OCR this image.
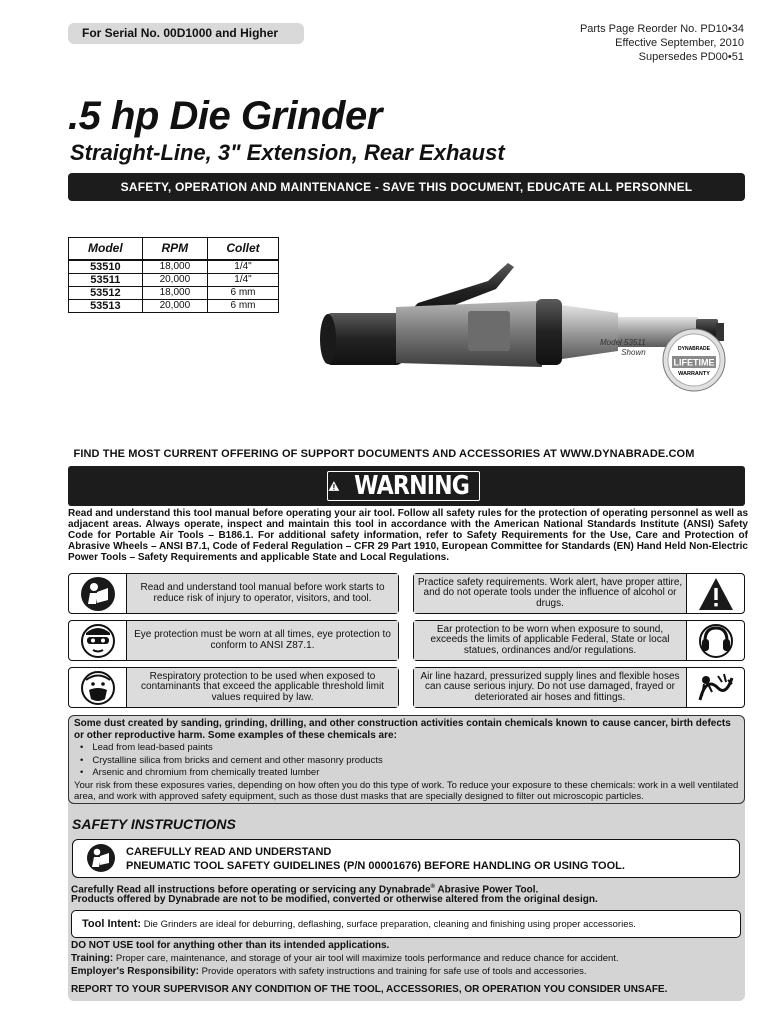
For Serial No. 00D1000 and Higher	Parts Page Reorder No. PD10•34
Effective September, 2010
Supersedes PD00•51
.5 hp Die Grinder
Straight-Line, 3" Extension, Rear Exhaust
SAFETY, OPERATION AND MAINTENANCE - SAVE THIS DOCUMENT, EDUCATE ALL PERSONNEL
Model	RPM	Collet
53510	18,000	1/4"
53511	20,000	1/4"
53512	18,000	6 mm
53513	20,000	6 mm
Model 53511
Shown	DYNABRADE
LIFETIME
WARRANTY
FIND THE MOST CURRENT OFFERING OF SUPPORT DOCUMENTS AND ACCESSORIES AT WWW.DYNABRADE.COM
WARNING
Read and understand this tool manual before operating your air tool. Follow all safety rules for the protection of operating personnel as well as adjacent areas. Always operate, inspect and maintain this tool in accordance with the American National Standards Institute (ANSI) Safety Code for Portable Air Tools – B186.1. For additional safety information, refer to Safety Requirements for the Use, Care and Protection of Abrasive Wheels – ANSI B7.1, Code of Federal Regulation – CFR 29 Part 1910, European Committee for Standards (EN) Hand Held Non-Electric Power Tools – Safety Requirements and applicable State and Local Regulations.
Read and understand tool manual before work starts to reduce risk of injury to operator, visitors, and tool.
Practice safety requirements. Work alert, have proper attire, and do not operate tools under the influence of alcohol or drugs.
Eye protection must be worn at all times, eye protection to conform to ANSI Z87.1.
Ear protection to be worn when exposure to sound, exceeds the limits of applicable Federal, State or local statues, ordinances and/or regulations.
Respiratory protection to be used when exposed to contaminants that exceed the applicable threshold limit values required by law.
Air line hazard, pressurized supply lines and flexible hoses can cause serious injury. Do not use damaged, frayed or deteriorated air hoses and fittings.
Some dust created by sanding, grinding, drilling, and other construction activities contain chemicals known to cause cancer, birth defects or other reproductive harm. Some examples of these chemicals are:
• Lead from lead-based paints
• Crystalline silica from bricks and cement and other masonry products
• Arsenic and chromium from chemically treated lumber
Your risk from these exposures varies, depending on how often you do this type of work. To reduce your exposure to these chemicals: work in a well ventilated area, and work with approved safety equipment, such as those dust masks that are specially designed to filter out microscopic particles.
SAFETY INSTRUCTIONS
CAREFULLY READ AND UNDERSTAND
PNEUMATIC TOOL SAFETY GUIDELINES (P/N 00001676) BEFORE HANDLING OR USING TOOL.
Carefully Read all instructions before operating or servicing any Dynabrade® Abrasive Power Tool.
Products offered by Dynabrade are not to be modified, converted or otherwise altered from the original design.
Tool Intent: Die Grinders are ideal for deburring, deflashing, surface preparation, cleaning and finishing using proper accessories.
DO NOT USE tool for anything other than its intended applications.
Training: Proper care, maintenance, and storage of your air tool will maximize tools performance and reduce chance for accident.
Employer's Responsibility: Provide operators with safety instructions and training for safe use of tools and accessories.
REPORT TO YOUR SUPERVISOR ANY CONDITION OF THE TOOL, ACCESSORIES, OR OPERATION YOU CONSIDER UNSAFE.
